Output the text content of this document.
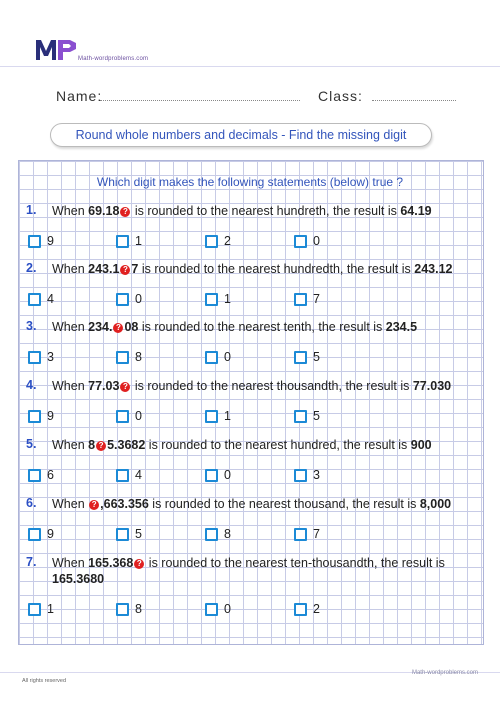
Math-wordproblems.com
Name:	Class:
Round whole numbers and decimals - Find the missing digit
Which digit makes the following statements (below) true ?
1. When 69.18 ? is rounded to the nearest hundreth, the result is 64.19
9	1	2	0
2. When 243.1 ? 7 is rounded to the nearest hundredth, the result is 243.12
4	0	1	7
3. When 234. ? 08 is rounded to the nearest tenth, the result is 234.5
3	8	0	5
4. When 77.03 ? is rounded to the nearest thousandth, the result is 77.030
9	0	1	5
5. When 8 ? 5.3682 is rounded to the nearest hundred, the result is 900
6	4	0	3
6. When ? ,663.356 is rounded to the nearest thousand, the result is 8,000
9	5	8	7
7. When 165.368 ? is rounded to the nearest ten-thousandth, the result is 165.3680
1	8	0	2
Math-wordproblems.com
All rights reserved
